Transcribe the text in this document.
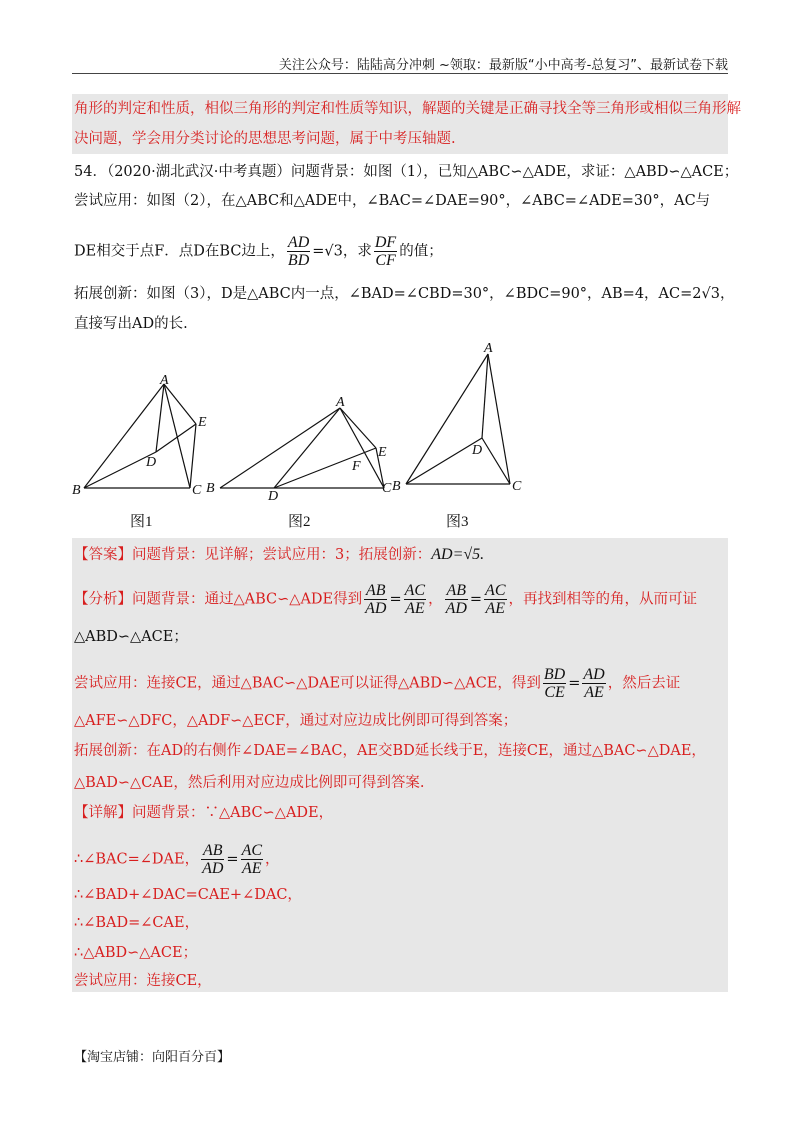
关注公众号：陆陆高分冲刺 ~领取：最新版“小中高考-总复习”、最新试卷下载
角形的判定和性质，相似三角形的判定和性质等知识，解题的关键是正确寻找全等三角形或相似三角形解
决问题，学会用分类讨论的思想思考问题，属于中考压轴题.
54．（2020·湖北武汉·中考真题）问题背景：如图（1），已知△ABC∽△ADE，求证：△ABD∽△ACE；
尝试应用：如图（2），在△ABC和△ADE中，∠BAC=∠DAE=90°，∠ABC=∠ADE=30°，AC与
DE相交于点F．点D在BC边上， $\frac{AD}{BD} =√3$，求 $\frac{DF}{CF}$ 的值；
拓展创新：如图（3），D是△ABC内一点，∠BAD=∠CBD=30°，∠BDC=90°，AB=4，AC=2√3，
直接写出AD的长.
A
B	C
D
E
图1
A
B	C
D
E
F
图2
A
B	C
D
图3
【答案】问题背景：见详解；尝试应用：3；拓展创新：AD=√5.
【分析】问题背景：通过△ABC∽△ADE得到 $\frac{AB}{AD} = \frac{AC}{AE}$ ， $\frac{AB}{AD} = \frac{AC}{AE}$ ，再找到相等的角，从而可证
△ABD∽△ACE；
尝试应用：连接CE，通过△BAC∽△DAE可以证得△ABD∽△ACE，得到 $\frac{BD}{CE} = \frac{AD}{AE}$ ，然后去证
△AFE∽△DFC，△ADF∽△ECF，通过对应边成比例即可得到答案；
拓展创新：在AD的右侧作∠DAE=∠BAC，AE交BD延长线于E，连接CE，通过△BAC∽△DAE，
△BAD∽△CAE，然后利用对应边成比例即可得到答案.
【详解】问题背景：∵△ABC∽△ADE，
∴∠BAC=∠DAE， $\frac{AB}{AD} = \frac{AC}{AE}$ ，
∴∠BAD+∠DAC=CAE+∠DAC，
∴∠BAD=∠CAE，
∴△ABD∽△ACE；
尝试应用：连接CE，
【淘宝店铺：向阳百分百】
